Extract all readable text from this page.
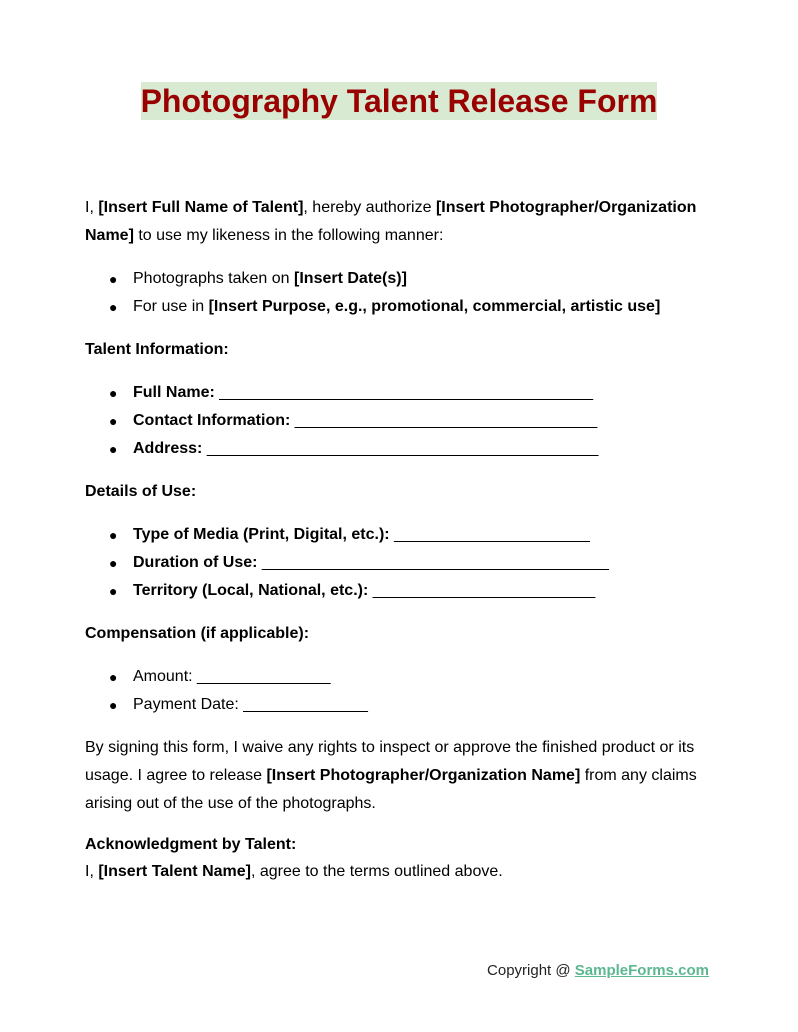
Photography Talent Release Form

I, [Insert Full Name of Talent], hereby authorize [Insert Photographer/Organization Name] to use my likeness in the following manner:

● Photographs taken on [Insert Date(s)]
● For use in [Insert Purpose, e.g., promotional, commercial, artistic use]

Talent Information:

● Full Name: __________________________________________
● Contact Information: __________________________________
● Address: ____________________________________________

Details of Use:

● Type of Media (Print, Digital, etc.): ______________________
● Duration of Use: _______________________________________
● Territory (Local, National, etc.): _________________________

Compensation (if applicable):

● Amount: _______________
● Payment Date: ______________

By signing this form, I waive any rights to inspect or approve the finished product or its usage. I agree to release [Insert Photographer/Organization Name] from any claims arising out of the use of the photographs.

Acknowledgment by Talent:

I, [Insert Talent Name], agree to the terms outlined above.

Copyright @ SampleForms.com
